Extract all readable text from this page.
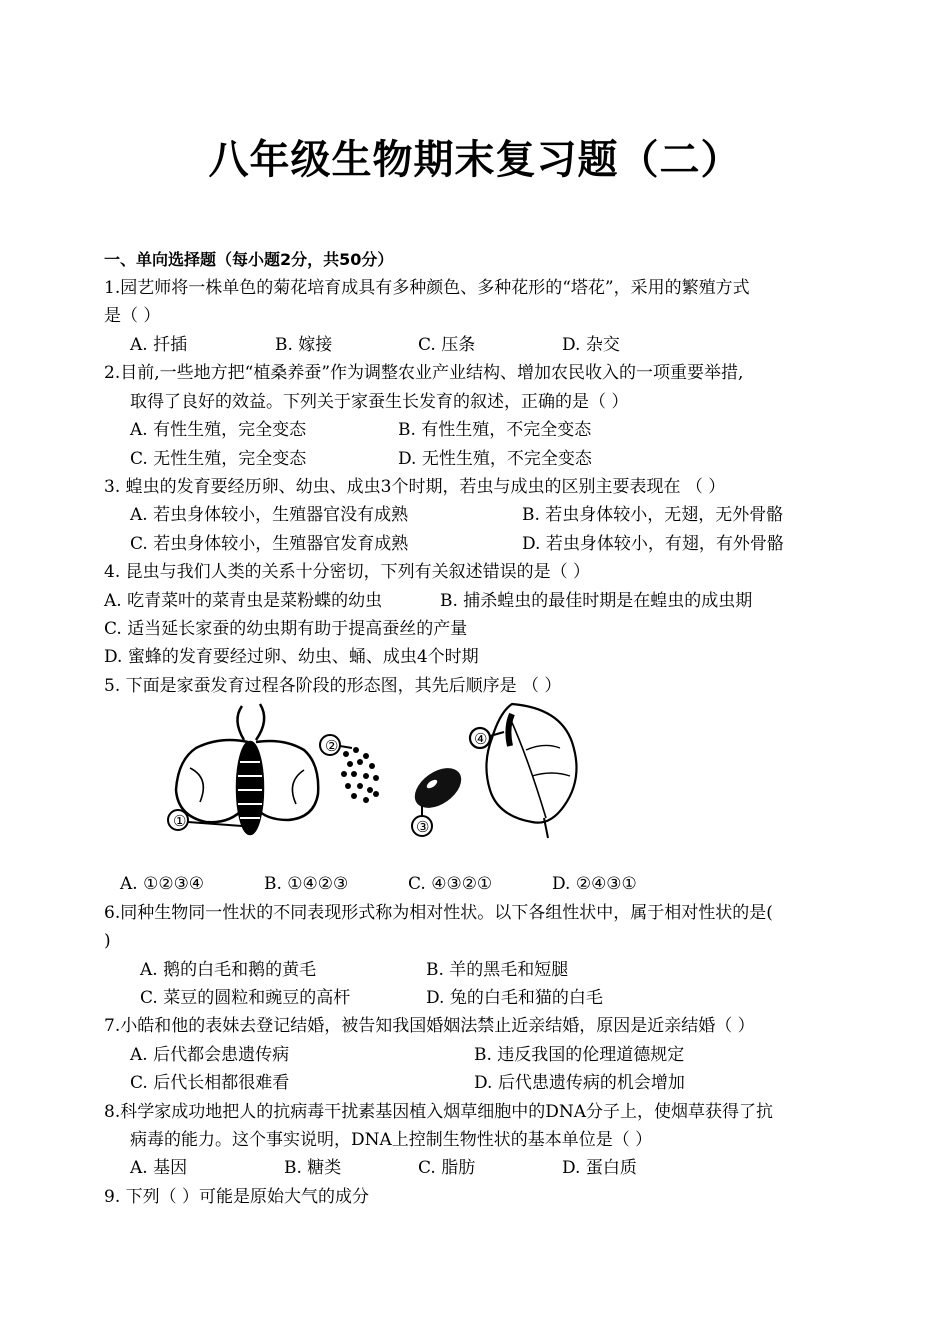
八年级生物期末复习题（二）
一、单向选择题（每小题2分，共50分）
1.园艺师将一株单色的菊花培育成具有多种颜色、多种花形的“塔花”，采用的繁殖方式
是（ ）
A. 扦插	B. 嫁接	C. 压条	D. 杂交
2.目前,一些地方把“植桑养蚕”作为调整农业产业结构、增加农民收入的一项重要举措,
取得了良好的效益。下列关于家蚕生长发育的叙述，正确的是（ ）
A. 有性生殖，完全变态	B. 有性生殖，不完全变态
C. 无性生殖，完全变态	D. 无性生殖，不完全变态
3. 蝗虫的发育要经历卵、幼虫、成虫3个时期，若虫与成虫的区别主要表现在 （ ）
A. 若虫身体较小，生殖器官没有成熟	B. 若虫身体较小，无翅，无外骨骼
C. 若虫身体较小，生殖器官发育成熟	D. 若虫身体较小，有翅，有外骨骼
4. 昆虫与我们人类的关系十分密切，下列有关叙述错误的是（ ）
A. 吃青菜叶的菜青虫是菜粉蝶的幼虫	B. 捕杀蝗虫的最佳时期是在蝗虫的成虫期
C. 适当延长家蚕的幼虫期有助于提高蚕丝的产量
D. 蜜蜂的发育要经过卵、幼虫、蛹、成虫4个时期
5. 下面是家蚕发育过程各阶段的形态图，其先后顺序是 （ ）
①
②
③
④
A. ①②③④	B. ①④②③	C. ④③②①	D. ②④③①
6.同种生物同一性状的不同表现形式称为相对性状。以下各组性状中，属于相对性状的是(
)
A. 鹅的白毛和鹅的黄毛	B. 羊的黑毛和短腿
C. 菜豆的圆粒和豌豆的高杆	D. 兔的白毛和猫的白毛
7.小皓和他的表妹去登记结婚，被告知我国婚姻法禁止近亲结婚，原因是近亲结婚（ ）
A. 后代都会患遗传病	B. 违反我国的伦理道德规定
C. 后代长相都很难看	D. 后代患遗传病的机会增加
8.科学家成功地把人的抗病毒干扰素基因植入烟草细胞中的DNA分子上，使烟草获得了抗
病毒的能力。这个事实说明，DNA上控制生物性状的基本单位是（ ）
A. 基因	B. 糖类	C. 脂肪	D. 蛋白质
9. 下列（ ）可能是原始大气的成分
